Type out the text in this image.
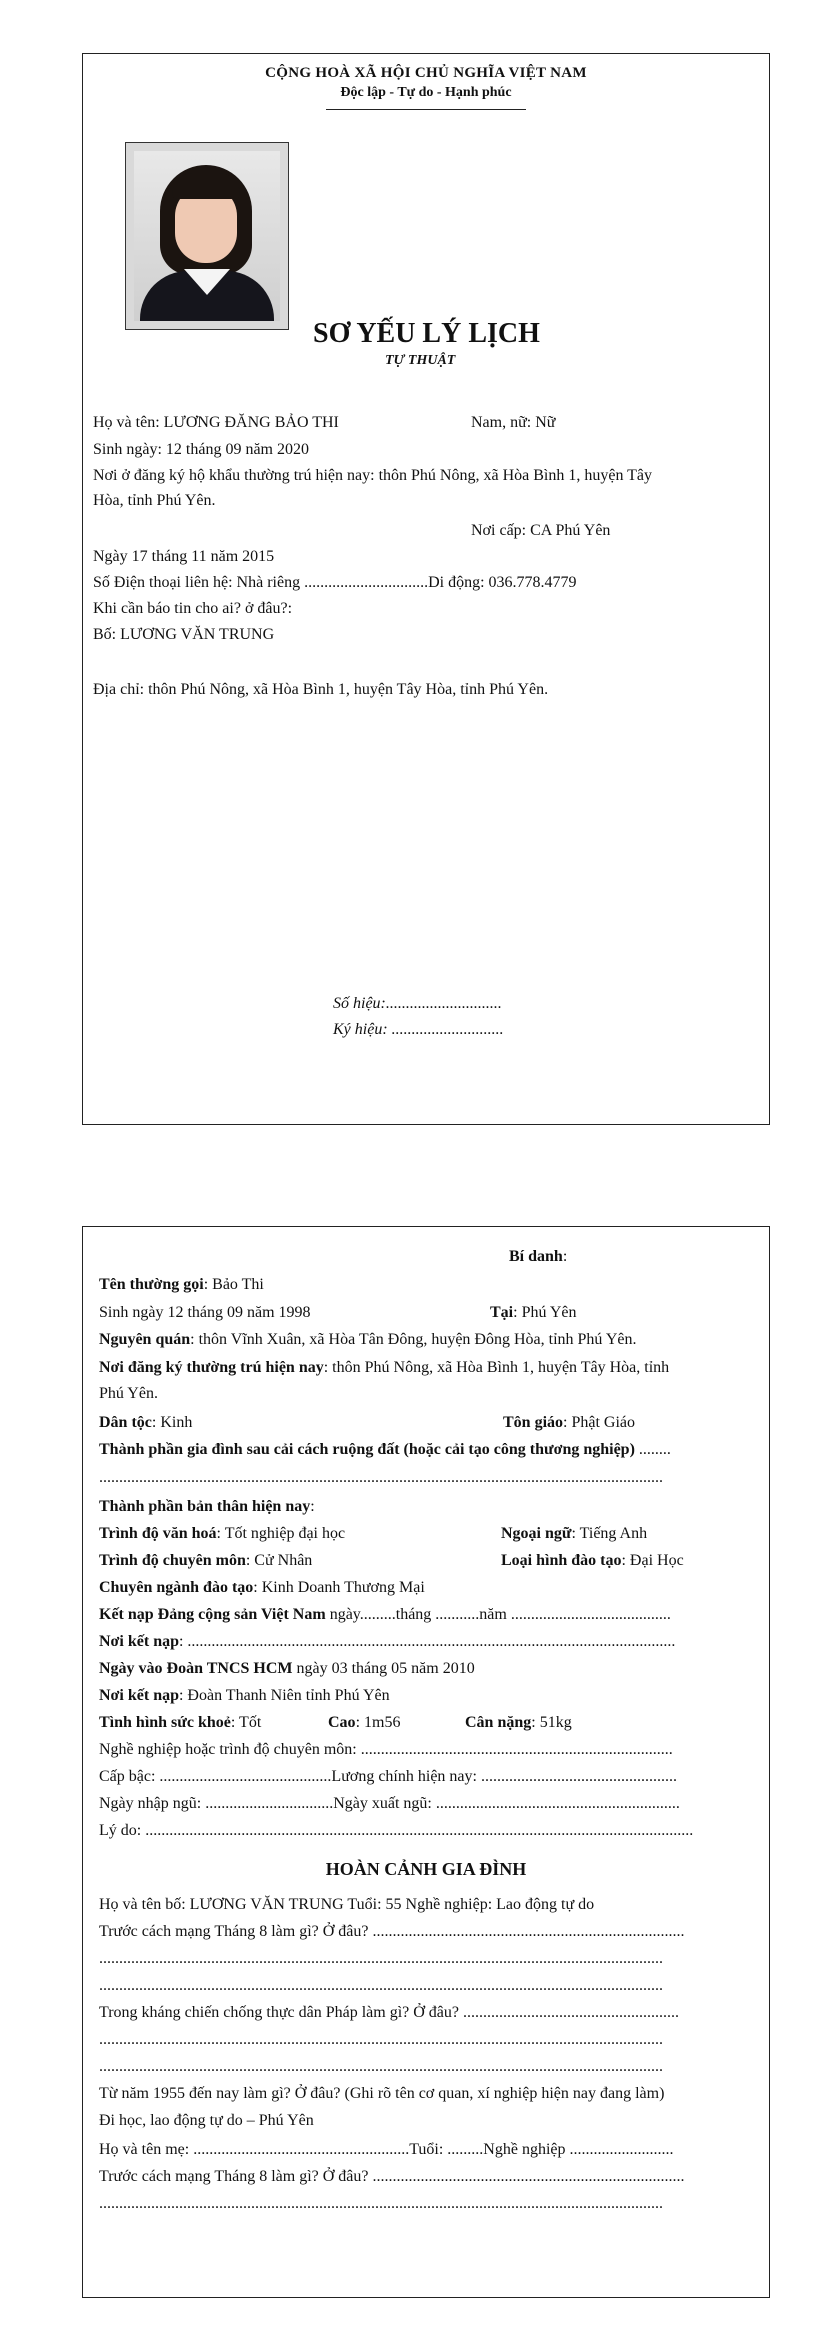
CỘNG HOÀ XÃ HỘI CHỦ NGHĨA VIỆT NAM
Độc lập - Tự do - Hạnh phúc
SƠ YẾU LÝ LỊCH
TỰ THUẬT
Họ và tên: LƯƠNG ĐĂNG BẢO THI	Nam, nữ: Nữ
Sinh ngày: 12 tháng 09 năm 2020
Nơi ở đăng ký hộ khẩu thường trú hiện nay: thôn Phú Nông, xã Hòa Bình 1, huyện Tây
Hòa, tỉnh Phú Yên.
Nơi cấp: CA Phú Yên
Ngày 17 tháng 11 năm 2015
Số Điện thoại liên hệ: Nhà riêng ...............................Di động: 036.778.4779
Khi cần báo tin cho ai? ở đâu?:
Bố: LƯƠNG VĂN TRUNG
Địa chỉ: thôn Phú Nông, xã Hòa Bình 1, huyện Tây Hòa, tỉnh Phú Yên.
Số hiệu:.............................
Ký hiệu: ............................
Bí danh:
Tên thường gọi: Bảo Thi
Sinh ngày 12 tháng 09 năm 1998	Tại: Phú Yên
Nguyên quán: thôn Vĩnh Xuân, xã Hòa Tân Đông, huyện Đông Hòa, tỉnh Phú Yên.
Nơi đăng ký thường trú hiện nay: thôn Phú Nông, xã Hòa Bình 1, huyện Tây Hòa, tỉnh
Phú Yên.
Dân tộc: Kinh	Tôn giáo: Phật Giáo
Thành phần gia đình sau cải cách ruộng đất (hoặc cải tạo công thương nghiệp) ........
.............................................................................................................................................
Thành phần bản thân hiện nay:
Trình độ văn hoá: Tốt nghiệp đại học	Ngoại ngữ: Tiếng Anh
Trình độ chuyên môn: Cử Nhân	Loại hình đào tạo: Đại Học
Chuyên ngành đào tạo: Kinh Doanh Thương Mại
Kết nạp Đảng cộng sản Việt Nam ngày.........tháng ...........năm ........................................
Nơi kết nạp: ..........................................................................................................................
Ngày vào Đoàn TNCS HCM ngày 03 tháng 05 năm 2010
Nơi kết nạp: Đoàn Thanh Niên tỉnh Phú Yên
Tình hình sức khoẻ: Tốt	Cao: 1m56	Cân nặng: 51kg
Nghề nghiệp hoặc trình độ chuyên môn: ..............................................................................
Cấp bậc: ...........................................Lương chính hiện nay: .................................................
Ngày nhập ngũ: ................................Ngày xuất ngũ: .............................................................
Lý do: .........................................................................................................................................
HOÀN CẢNH GIA ĐÌNH
Họ và tên bố: LƯƠNG VĂN TRUNG Tuổi: 55 Nghề nghiệp: Lao động tự do
Trước cách mạng Tháng 8 làm gì? Ở đâu? ..............................................................................
.............................................................................................................................................
.............................................................................................................................................
Trong kháng chiến chống thực dân Pháp làm gì? Ở đâu? ......................................................
.............................................................................................................................................
.............................................................................................................................................
Từ năm 1955 đến nay làm gì? Ở đâu? (Ghi rõ tên cơ quan, xí nghiệp hiện nay đang làm)
Đi học, lao động tự do – Phú Yên
Họ và tên mẹ: ......................................................Tuổi: .........Nghề nghiệp ..........................
Trước cách mạng Tháng 8 làm gì? Ở đâu? ..............................................................................
.............................................................................................................................................
